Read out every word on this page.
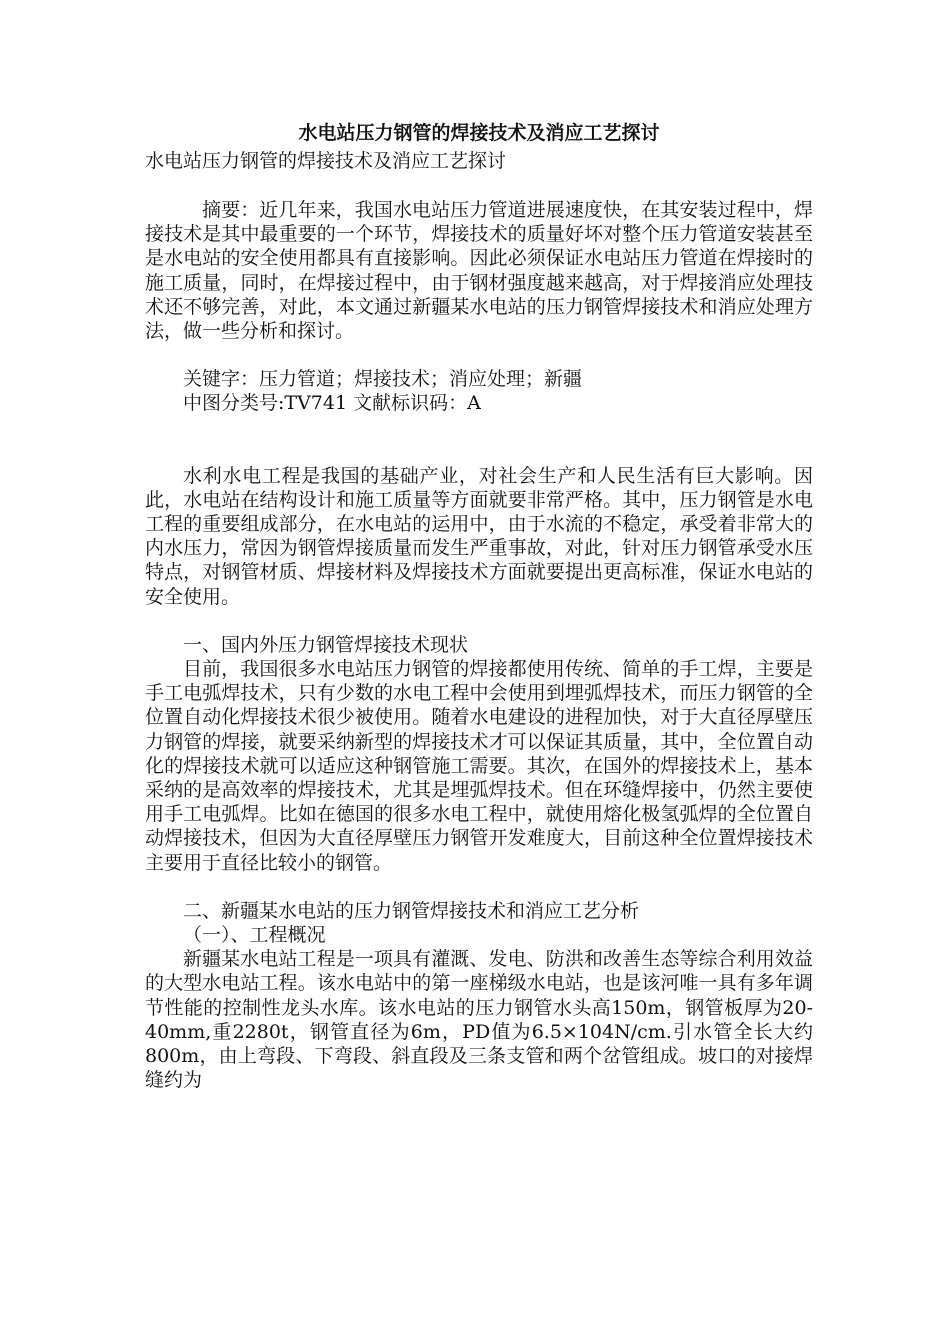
水电站压力钢管的焊接技术及消应工艺探讨

水电站压力钢管的焊接技术及消应工艺探讨

摘要：近几年来，我国水电站压力管道进展速度快，在其安装过程中，焊接技术是其中最重要的一个环节，焊接技术的质量好坏对整个压力管道安装甚至是水电站的安全使用都具有直接影响。因此必须保证水电站压力管道在焊接时的施工质量，同时，在焊接过程中，由于钢材强度越来越高，对于焊接消应处理技术还不够完善，对此，本文通过新疆某水电站的压力钢管焊接技术和消应处理方法，做一些分析和探讨。

关键字：压力管道；焊接技术；消应处理；新疆

中图分类号:TV741 文献标识码：A

水利水电工程是我国的基础产业，对社会生产和人民生活有巨大影响。因此，水电站在结构设计和施工质量等方面就要非常严格。其中，压力钢管是水电工程的重要组成部分，在水电站的运用中，由于水流的不稳定，承受着非常大的内水压力，常因为钢管焊接质量而发生严重事故，对此，针对压力钢管承受水压特点，对钢管材质、焊接材料及焊接技术方面就要提出更高标准，保证水电站的安全使用。

一、国内外压力钢管焊接技术现状

目前，我国很多水电站压力钢管的焊接都使用传统、简单的手工焊，主要是手工电弧焊技术，只有少数的水电工程中会使用到埋弧焊技术，而压力钢管的全位置自动化焊接技术很少被使用。随着水电建设的进程加快，对于大直径厚壁压力钢管的焊接，就要采纳新型的焊接技术才可以保证其质量，其中，全位置自动化的焊接技术就可以适应这种钢管施工需要。其次，在国外的焊接技术上，基本采纳的是高效率的焊接技术，尤其是埋弧焊技术。但在环缝焊接中，仍然主要使用手工电弧焊。比如在德国的很多水电工程中，就使用熔化极氢弧焊的全位置自动焊接技术，但因为大直径厚壁压力钢管开发难度大，目前这种全位置焊接技术主要用于直径比较小的钢管。

二、新疆某水电站的压力钢管焊接技术和消应工艺分析

（一）、工程概况

新疆某水电站工程是一项具有灌溉、发电、防洪和改善生态等综合利用效益的大型水电站工程。该水电站中的第一座梯级水电站，也是该河唯一具有多年调节性能的控制性龙头水库。该水电站的压力钢管水头高150m，钢管板厚为20-40mm,重2280t，钢管直径为6m，PD值为6.5×104N/cm.引水管全长大约800m，由上弯段、下弯段、斜直段及三条支管和两个岔管组成。坡口的对接焊缝约为
